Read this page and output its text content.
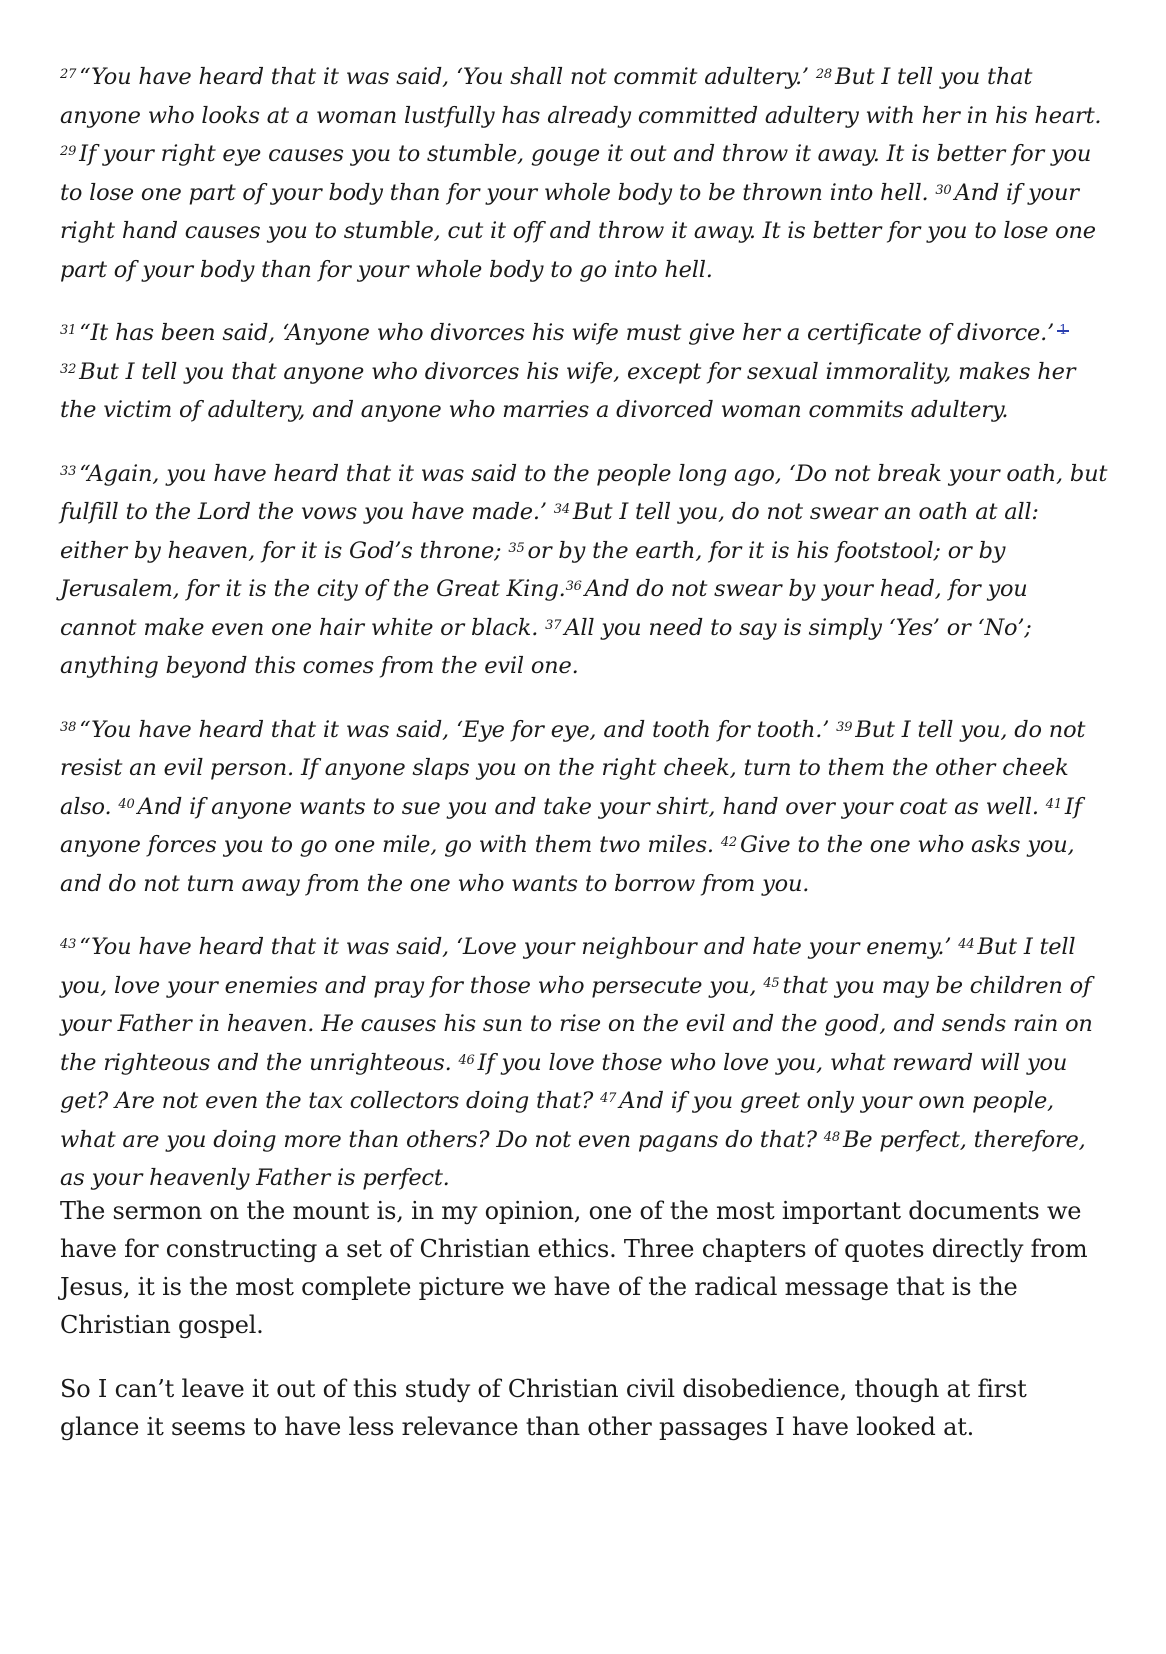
$^{27}$ “You have heard that it was said, ‘You shall not commit adultery.’ $^{28}$ But I tell you that anyone who looks at a woman lustfully has already committed adultery with her in his heart. $^{29}$ If your right eye causes you to stumble, gouge it out and throw it away. It is better for you to lose one part of your body than for your whole body to be thrown into hell. $^{30}$ And if your right hand causes you to stumble, cut it off and throw it away. It is better for you to lose one part of your body than for your whole body to go into hell.

$^{31}$ “It has been said, ‘Anyone who divorces his wife must give her a certificate of divorce.’ $1^{32}$ But I tell you that anyone who divorces his wife, except for sexual immorality, makes her the victim of adultery, and anyone who marries a divorced woman commits adultery.

$^{33}$ “Again, you have heard that it was said to the people long ago, ‘Do not break your oath, but fulfill to the Lord the vows you have made.’ $^{34}$ But I tell you, do not swear an oath at all: either by heaven, for it is God’s throne; $^{35}$ or by the earth, for it is his footstool; or by Jerusalem, for it is the city of the Great King.$^{36}$ And do not swear by your head, for you cannot make even one hair white or black. $^{37}$ All you need to say is simply ‘Yes’ or ‘No’; anything beyond this comes from the evil one.

$^{38}$ “You have heard that it was said, ‘Eye for eye, and tooth for tooth.’ $^{39}$ But I tell you, do not resist an evil person. If anyone slaps you on the right cheek, turn to them the other cheek also. $^{40}$ And if anyone wants to sue you and take your shirt, hand over your coat as well. $^{41}$ If anyone forces you to go one mile, go with them two miles. $^{42}$ Give to the one who asks you, and do not turn away from the one who wants to borrow from you.

$^{43}$ “You have heard that it was said, ‘Love your neighbour and hate your enemy.’ $^{44}$ But I tell you, love your enemies and pray for those who persecute you, $^{45}$ that you may be children of your Father in heaven. He causes his sun to rise on the evil and the good, and sends rain on the righteous and the unrighteous. $^{46}$ If you love those who love you, what reward will you get? Are not even the tax collectors doing that? $^{47}$ And if you greet only your own people, what are you doing more than others? Do not even pagans do that? $^{48}$ Be perfect, therefore, as your heavenly Father is perfect.

The sermon on the mount is, in my opinion, one of the most important documents we have for constructing a set of Christian ethics. Three chapters of quotes directly from Jesus, it is the most complete picture we have of the radical message that is the Christian gospel.

So I can’t leave it out of this study of Christian civil disobedience, though at first glance it seems to have less relevance than other passages I have looked at.
